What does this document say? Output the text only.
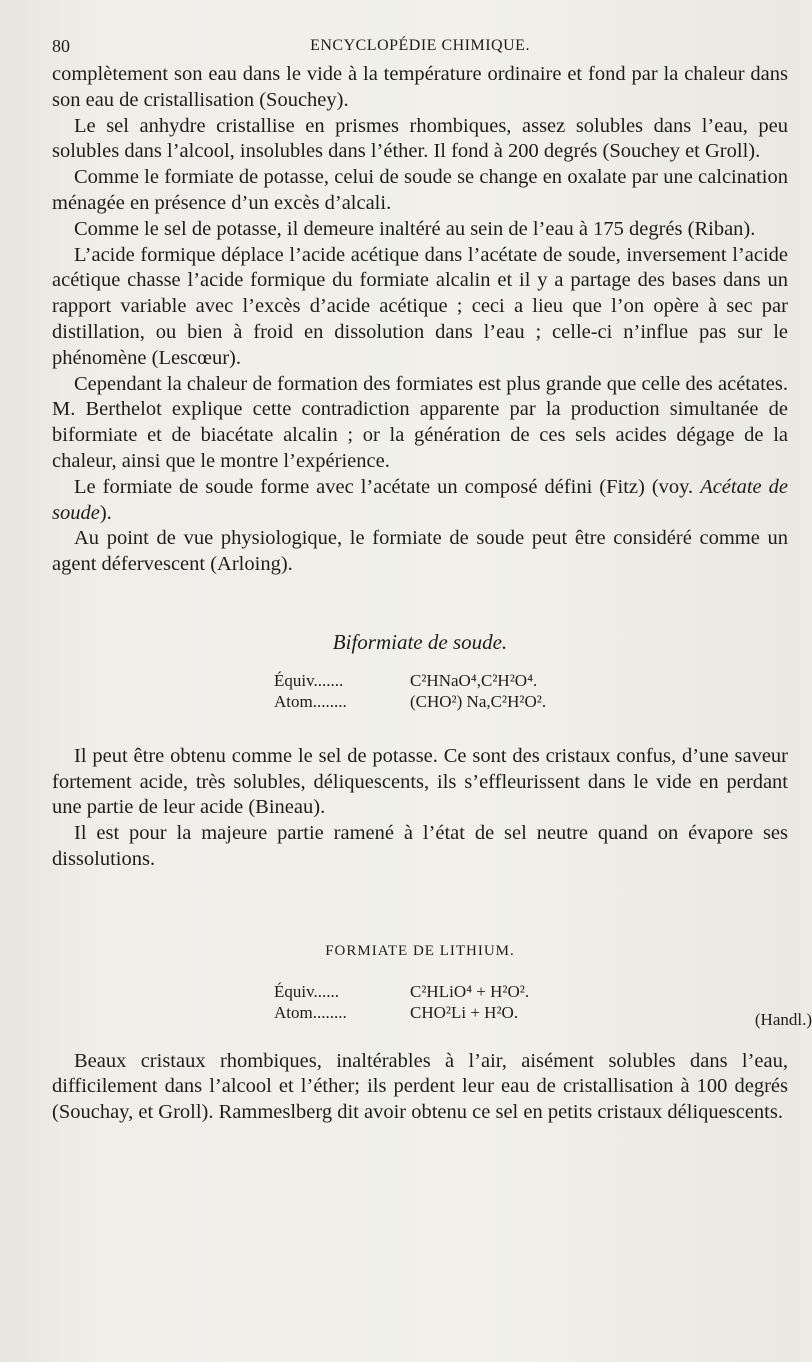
80	ENCYCLOPÉDIE CHIMIQUE.

complètement son eau dans le vide à la température ordinaire et fond par la chaleur dans son eau de cristallisation (Souchey).

Le sel anhydre cristallise en prismes rhombiques, assez solubles dans l’eau, peu solubles dans l’alcool, insolubles dans l’éther. Il fond à 200 degrés (Souchey et Groll).

Comme le formiate de potasse, celui de soude se change en oxalate par une calcination ménagée en présence d’un excès d’alcali.

Comme le sel de potasse, il demeure inaltéré au sein de l’eau à 175 degrés (Riban).

L’acide formique déplace l’acide acétique dans l’acétate de soude, inversement l’acide acétique chasse l’acide formique du formiate alcalin et il y a partage des bases dans un rapport variable avec l’excès d’acide acétique ; ceci a lieu que l’on opère à sec par distillation, ou bien à froid en dissolution dans l’eau ; celle-ci n’influe pas sur le phénomène (Lescœur).

Cependant la chaleur de formation des formiates est plus grande que celle des acétates. M. Berthelot explique cette contradiction apparente par la production simultanée de biformiate et de biacétate alcalin ; or la génération de ces sels acides dégage de la chaleur, ainsi que le montre l’expérience.

Le formiate de soude forme avec l’acétate un composé défini (Fitz) (voy. Acétate de soude).

Au point de vue physiologique, le formiate de soude peut être considéré comme un agent défervescent (Arloing).

Biformiate de soude.

Équiv.......	C²HNaO⁴,C²H²O⁴.
Atom........	(CHO²) Na,C²H²O².

Il peut être obtenu comme le sel de potasse. Ce sont des cristaux confus, d’une saveur fortement acide, très solubles, déliquescents, ils s’effleurissent dans le vide en perdant une partie de leur acide (Bineau).

Il est pour la majeure partie ramené à l’état de sel neutre quand on évapore ses dissolutions.

FORMIATE DE LITHIUM.

Équiv......	C²HLiO⁴ + H²O².
Atom........	CHO²Li + H²O.	(Handl.)

Beaux cristaux rhombiques, inaltérables à l’air, aisément solubles dans l’eau, difficilement dans l’alcool et l’éther; ils perdent leur eau de cristallisation à 100 degrés (Souchay, et Groll). Rammeslberg dit avoir obtenu ce sel en petits cristaux déliquescents.
